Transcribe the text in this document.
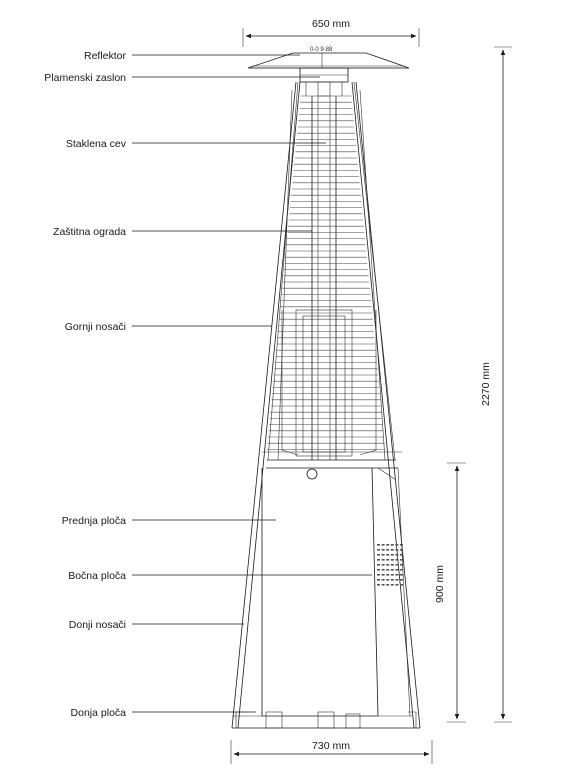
0-0 9-88
Reflektor
Plamenski zaslon
Staklena cev
Zaštitna ograda
Gornji nosači
Prednja ploča
Bočna ploča
Donji nosači
Donja ploča
650 mm
2270 mm
900 mm
730 mm
